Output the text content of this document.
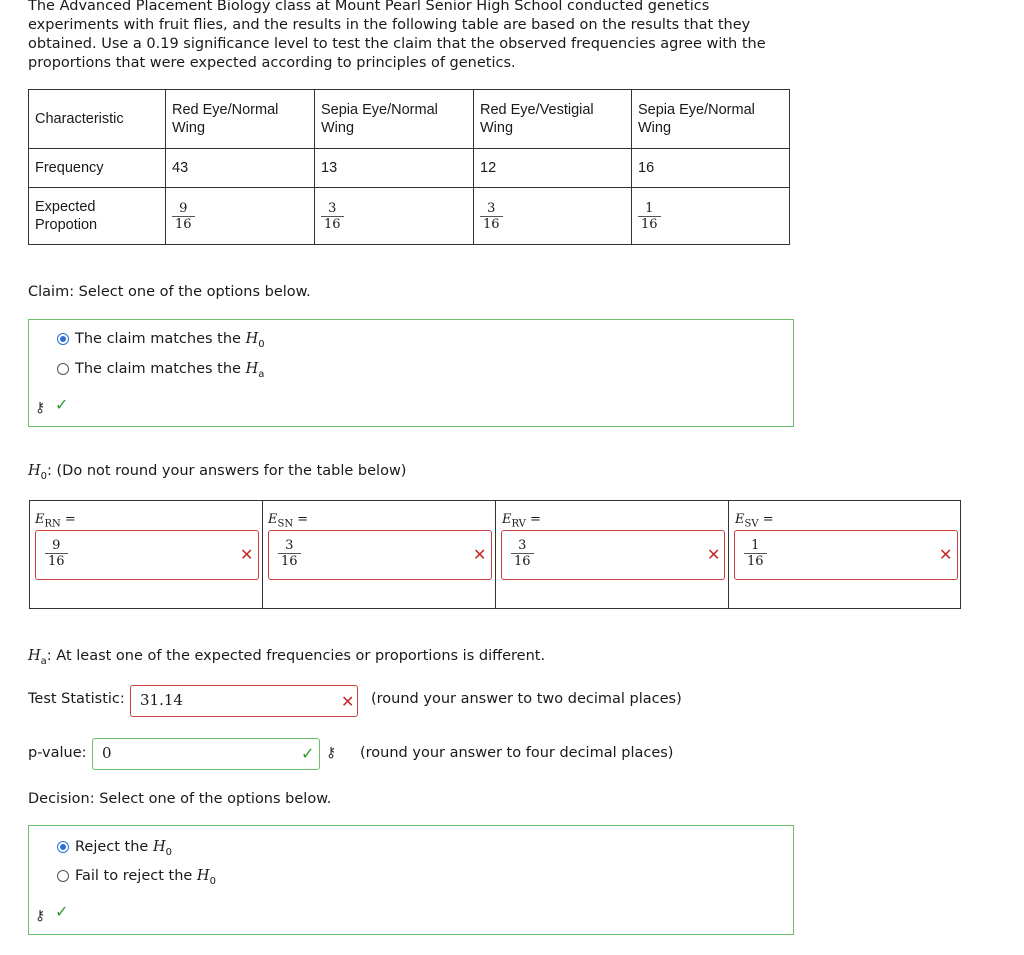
The Advanced Placement Biology class at Mount Pearl Senior High School conducted genetics experiments with fruit flies, and the results in the following table are based on the results that they obtained. Use a 0.19 significance level to test the claim that the observed frequencies agree with the proportions that were expected according to principles of genetics.
Characteristic	Red Eye/Normal Wing	Sepia Eye/Normal Wing	Red Eye/Vestigial Wing	Sepia Eye/Normal Wing
Frequency	43	13	12	16
Expected Propotion	$\frac{9}{16}$	$\frac{3}{16}$	$\frac{3}{16}$	$\frac{1}{16}$
Claim: Select one of the options below.
The claim matches the $H_0$
The claim matches the $H_a$
⚷ ✓
$H_0$: (Do not round your answers for the table below)
$E_{RN}$ =
$\frac{9}{16}$	✕
$E_{SN}$ =
$\frac{3}{16}$	✕
$E_{RV}$ =
$\frac{3}{16}$	✕
$E_{SV}$ =
$\frac{1}{16}$	✕
$H_a$: At least one of the expected frequencies or proportions is different.
Test Statistic: 31.14	✕ (round your answer to two decimal places)
p-value: 0	✓ ⚷ (round your answer to four decimal places)
Decision: Select one of the options below.
Reject the $H_0$
Fail to reject the $H_0$
⚷ ✓
